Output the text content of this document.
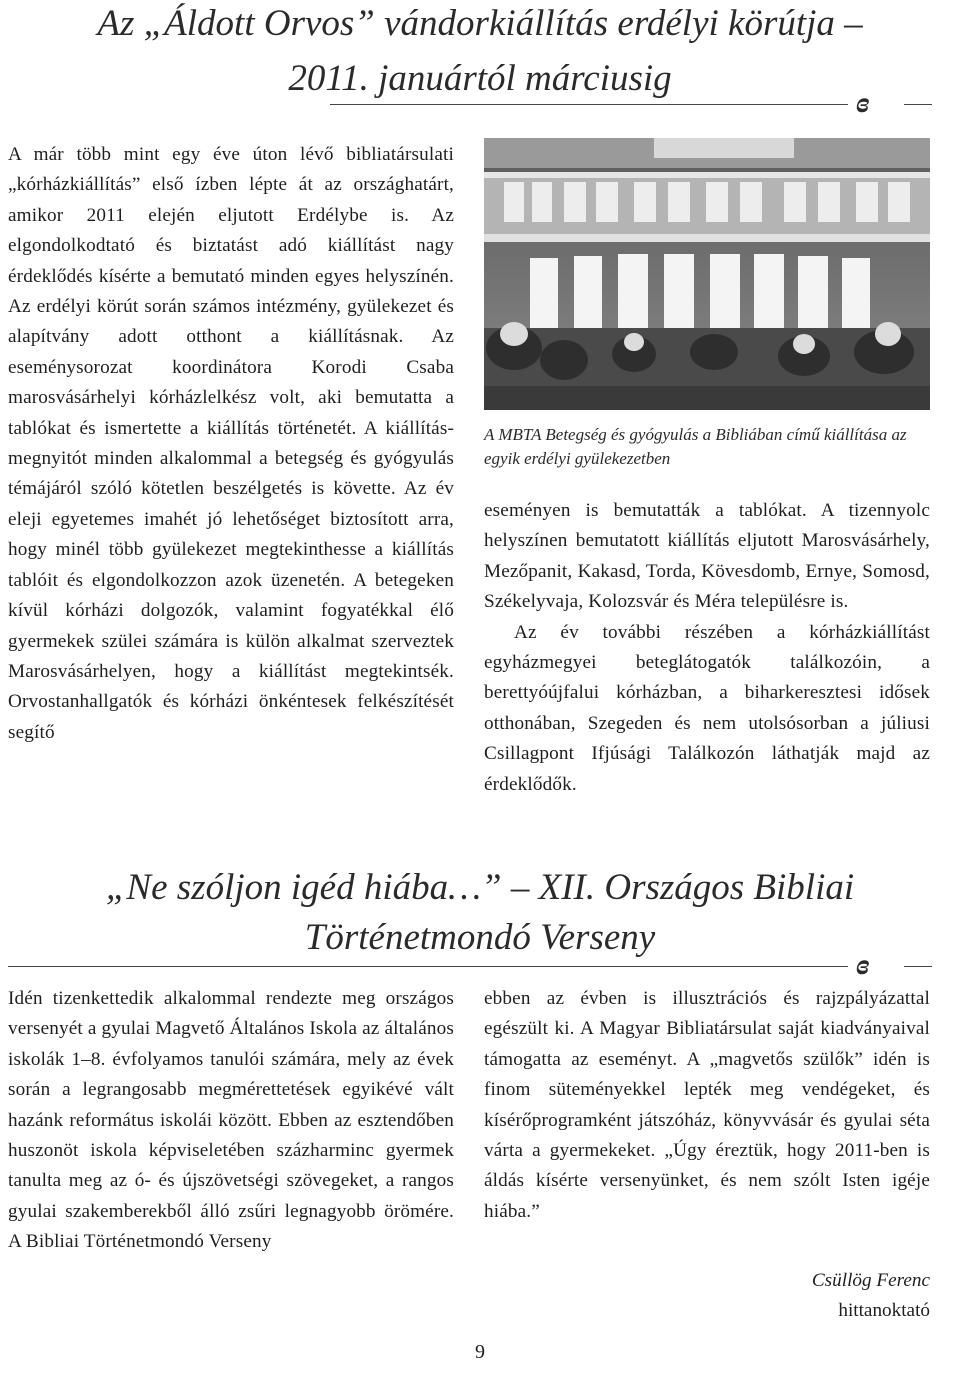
Az „Áldott Orvos” vándorkiállítás erdélyi körútja –
2011. januártól márciusig
ɞ

A már több mint egy éve úton lévő bibliatársulati „kórházkiállítás” első ízben lépte át az országhatárt, amikor 2011 elején eljutott Erdélybe is. Az elgondolkodtató és biztatást adó kiállítást nagy érdeklődés kísérte a bemutató minden egyes helyszínén. Az erdélyi körút során számos intézmény, gyülekezet és alapítvány adott otthont a kiállításnak. Az eseménysorozat koordinátora Korodi Csaba marosvásárhelyi kórházlelkész volt, aki bemutatta a tablókat és ismertette a kiállítás történetét. A kiállítás-megnyitót minden alkalommal a betegség és gyógyulás témájáról szóló kötetlen beszélgetés is követte. Az év eleji egyetemes imahét jó lehetőséget biztosított arra, hogy minél több gyülekezet megtekinthesse a kiállítás tablóit és elgondolkozzon azok üzenetén. A betegeken kívül kórházi dolgozók, valamint fogyatékkal élő gyermekek szülei számára is külön alkalmat szerveztek Marosvásárhelyen, hogy a kiállítást megtekintsék. Orvostanhallgatók és kórházi önkéntesek felkészítését segítő

A MBTA Betegség és gyógyulás a Bibliában című kiállítása az egyik erdélyi gyülekezetben

eseményen is bemutatták a tablókat. A tizennyolc helyszínen bemutatott kiállítás eljutott Marosvásárhely, Mezőpanit, Kakasd, Torda, Kövesdomb, Ernye, Somosd, Székelyvaja, Kolozsvár és Méra településre is.

Az év további részében a kórházkiállítást egyházmegyei beteglátogatók találkozóin, a berettyóújfalui kórházban, a biharkeresztesi idősek otthonában, Szegeden és nem utolsósorban a júliusi Csillagpont Ifjúsági Találkozón láthatják majd az érdeklődők.

„Ne szóljon igéd hiába…” – XII. Országos Bibliai
Történetmondó Verseny
ɞ

Idén tizenkettedik alkalommal rendezte meg országos versenyét a gyulai Magvető Általános Iskola az általános iskolák 1–8. évfolyamos tanulói számára, mely az évek során a legrangosabb megmérettetések egyikévé vált hazánk református iskolái között. Ebben az esztendőben huszonöt iskola képviseletében százharminc gyermek tanulta meg az ó- és újszövetségi szövegeket, a rangos gyulai szakemberekből álló zsűri legnagyobb örömére. A Bibliai Történetmondó Verseny

ebben az évben is illusztrációs és rajzpályázattal egészült ki. A Magyar Bibliatársulat saját kiadványaival támogatta az eseményt. A „magvetős szülők” idén is finom süteményekkel lepték meg vendégeket, és kísérőprogramként játszóház, könyvvásár és gyulai séta várta a gyermekeket. „Úgy éreztük, hogy 2011-ben is áldás kísérte versenyünket, és nem szólt Isten igéje hiába.”

Csüllög Ferenc
hittanoktató
9
